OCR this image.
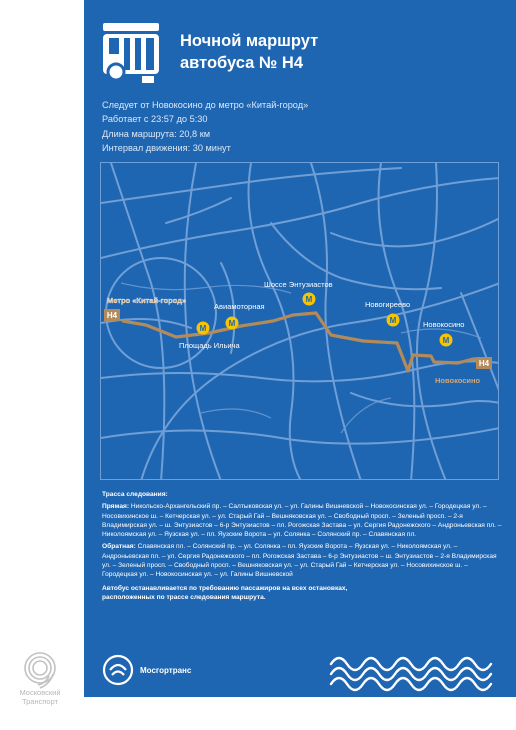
Московский
Транспорт
Ночной маршрут
автобуса № Н4
Следует от Новокосино до метро «Китай-город»
Работает с 23:57 до 5:30
Длина маршрута: 20,8 км
Интервал движения: 30 минут
М
М
М
М
М
Н4
Н4
Метро «Китай-город»
Площадь Ильича
Авиамоторная
Шоссе Энтузиастов
Новогиреево
Новокосино
Новокосино

Трасса следования:

Прямая: Никольско-Архангельский пр. – Салтыковская ул. – ул. Галины Вишневской – Новокосинская ул. – Городецкая ул. – Носовихинское ш. – Кетчерская ул. – ул. Старый Гай – Вешняковская ул. – Свободный просп. – Зеленый просп. – 2-я Владимирская ул. – ш. Энтузиастов – 6-р Энтузиастов – пл. Рогожская Застава – ул. Сергия Радонежского – Андроньевская пл. – Николоямская ул. – Яузская ул. – пл. Яузские Ворота – ул. Солянка – Солянский пр. – Славянская пл.

Обратная: Славянская пл. – Солянский пр. – ул. Солянка – пл. Яузские Ворота – Яузская ул. – Николоямская ул. – Андроньевская пл. – ул. Сергия Радонежского – пл. Рогожская Застава – 6-р Энтузиастов – ш. Энтузиастов – 2-я Владимирская ул. – Зеленый просп. – Свободный просп. – Вешняковская ул. – ул. Старый Гай – Кетчерская ул. – Носовихинское ш. – Городецкая ул. – Новокосинская ул. – ул. Галины Вишневской

Автобус останавливается по требованию пассажиров на всех остановках,
расположенных по трассе следования маршрута.

Мосгортранс
